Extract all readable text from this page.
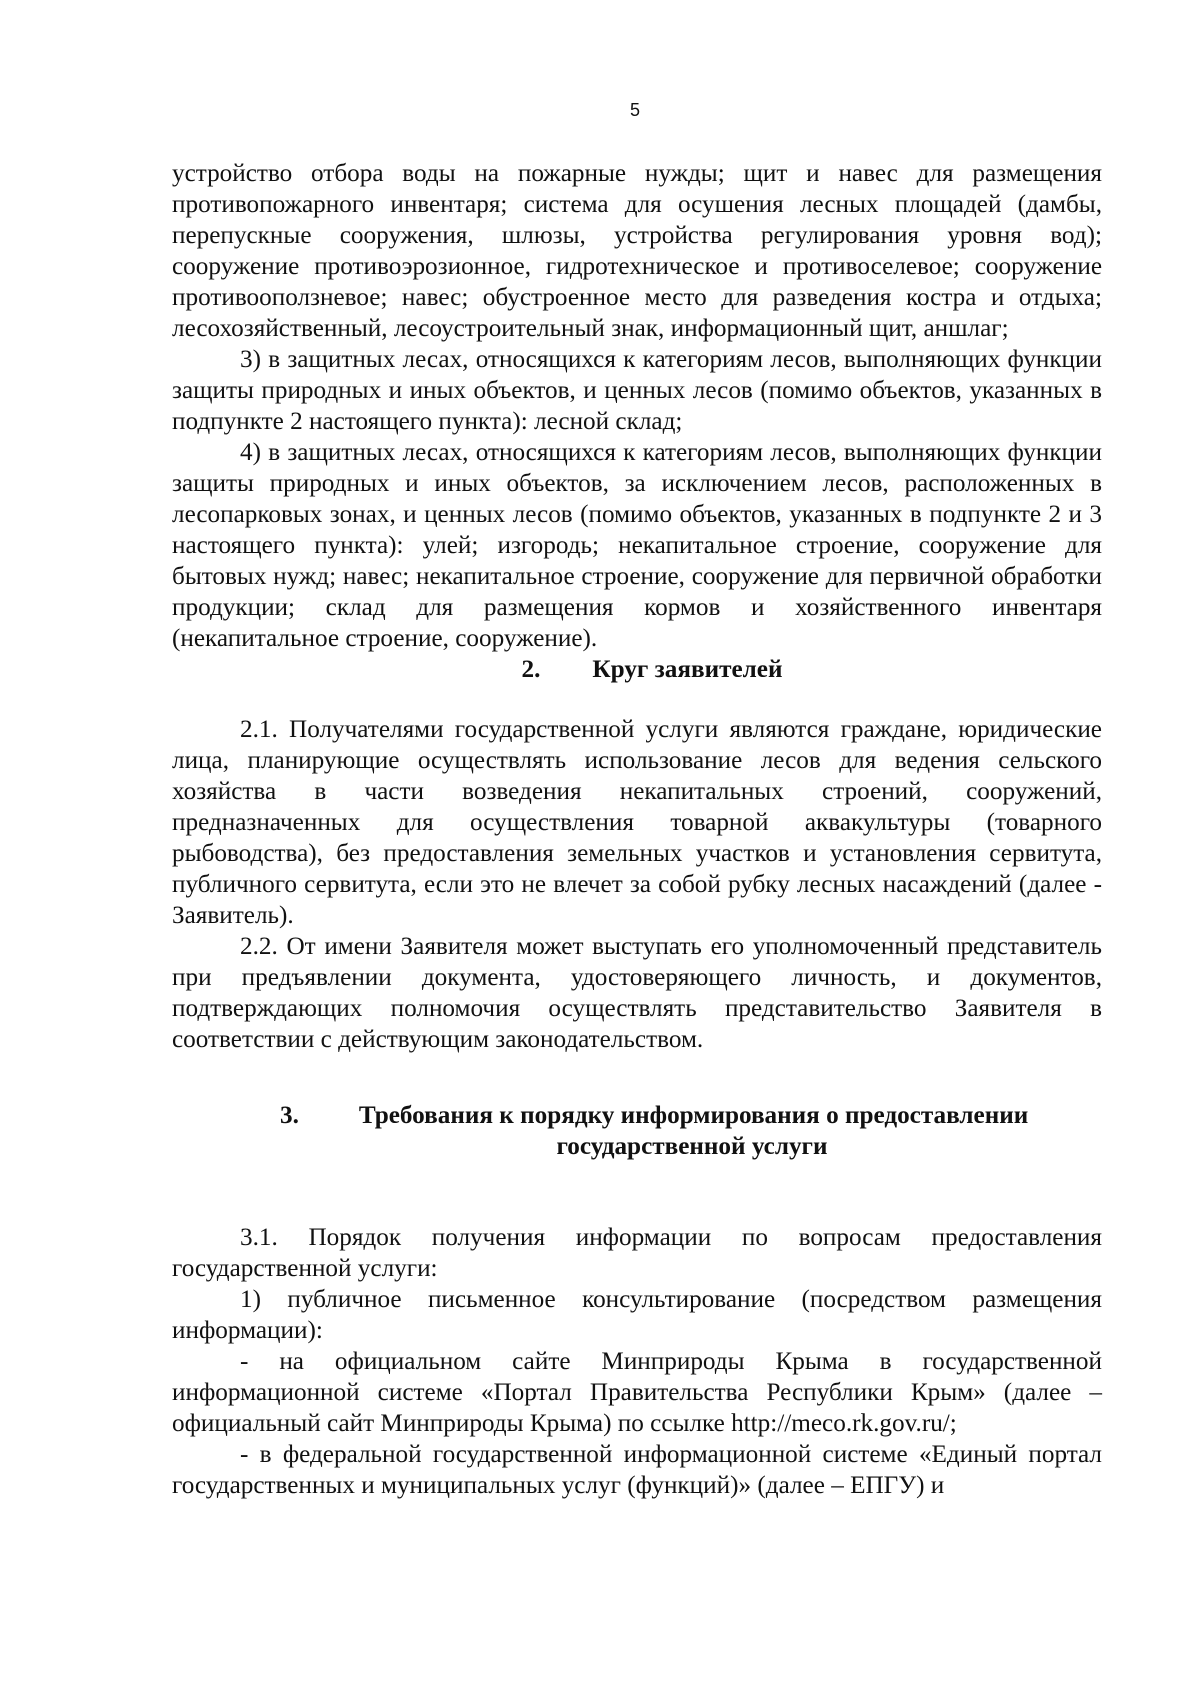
5

устройство отбора воды на пожарные нужды; щит и навес для размещения противопожарного инвентаря; система для осушения лесных площадей (дамбы, перепускные сооружения, шлюзы, устройства регулирования уровня вод); сооружение противоэрозионное, гидротехническое и противоселевое; сооружение противооползневое; навес; обустроенное место для разведения костра и отдыха; лесохозяйственный, лесоустроительный знак, информационный щит, аншлаг;

3) в защитных лесах, относящихся к категориям лесов, выполняющих функции защиты природных и иных объектов, и ценных лесов (помимо объектов, указанных в подпункте 2 настоящего пункта): лесной склад;

4) в защитных лесах, относящихся к категориям лесов, выполняющих функции защиты природных и иных объектов, за исключением лесов, расположенных в лесопарковых зонах, и ценных лесов (помимо объектов, указанных в подпункте 2 и 3 настоящего пункта): улей; изгородь; некапитальное строение, сооружение для бытовых нужд; навес; некапитальное строение, сооружение для первичной обработки продукции; склад для размещения кормов и хозяйственного инвентаря (некапитальное строение, сооружение).

2. Круг заявителей

2.1. Получателями государственной услуги являются граждане, юридические лица, планирующие осуществлять использование лесов для ведения сельского хозяйства в части возведения некапитальных строений, сооружений, предназначенных для осуществления товарной аквакультуры (товарного рыбоводства), без предоставления земельных участков и установления сервитута, публичного сервитута, если это не влечет за собой рубку лесных насаждений (далее - Заявитель).

2.2. От имени Заявителя может выступать его уполномоченный представитель при предъявлении документа, удостоверяющего личность, и документов, подтверждающих полномочия осуществлять представительство Заявителя в соответствии с действующим законодательством.

3. Требования к порядку информирования о предоставлении
государственной услуги

3.1. Порядок получения информации по вопросам предоставления государственной услуги:

1) публичное письменное консультирование (посредством размещения информации):

- на официальном сайте Минприроды Крыма в государственной информационной системе «Портал Правительства Республики Крым» (далее – официальный сайт Минприроды Крыма) по ссылке http://meco.rk.gov.ru/;

- в федеральной государственной информационной системе «Единый портал государственных и муниципальных услуг (функций)» (далее – ЕПГУ) и
